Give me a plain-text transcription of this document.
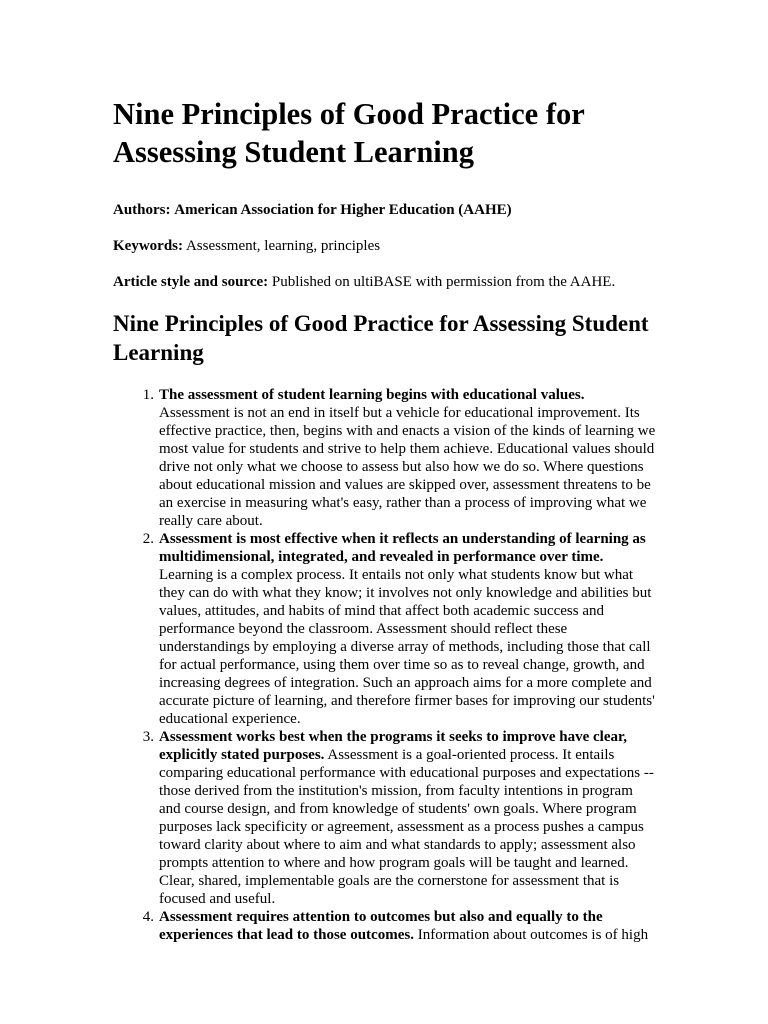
Nine Principles of Good Practice for Assessing Student Learning

Authors: American Association for Higher Education (AAHE)

Keywords: Assessment, learning, principles

Article style and source: Published on ultiBASE with permission from the AAHE.

Nine Principles of Good Practice for Assessing Student Learning
1. The assessment of student learning begins with educational values.
Assessment is not an end in itself but a vehicle for educational improvement. Its effective practice, then, begins with and enacts a vision of the kinds of learning we most value for students and strive to help them achieve. Educational values should drive not only what we choose to assess but also how we do so. Where questions about educational mission and values are skipped over, assessment threatens to be an exercise in measuring what's easy, rather than a process of improving what we really care about.
2. Assessment is most effective when it reflects an understanding of learning as multidimensional, integrated, and revealed in performance over time.
Learning is a complex process. It entails not only what students know but what they can do with what they know; it involves not only knowledge and abilities but values, attitudes, and habits of mind that affect both academic success and performance beyond the classroom. Assessment should reflect these understandings by employing a diverse array of methods, including those that call for actual performance, using them over time so as to reveal change, growth, and increasing degrees of integration. Such an approach aims for a more complete and accurate picture of learning, and therefore firmer bases for improving our students' educational experience.
3. Assessment works best when the programs it seeks to improve have clear, explicitly stated purposes. Assessment is a goal-oriented process. It entails comparing educational performance with educational purposes and expectations -- those derived from the institution's mission, from faculty intentions in program and course design, and from knowledge of students' own goals. Where program purposes lack specificity or agreement, assessment as a process pushes a campus toward clarity about where to aim and what standards to apply; assessment also prompts attention to where and how program goals will be taught and learned. Clear, shared, implementable goals are the cornerstone for assessment that is focused and useful.
4. Assessment requires attention to outcomes but also and equally to the experiences that lead to those outcomes. Information about outcomes is of high
